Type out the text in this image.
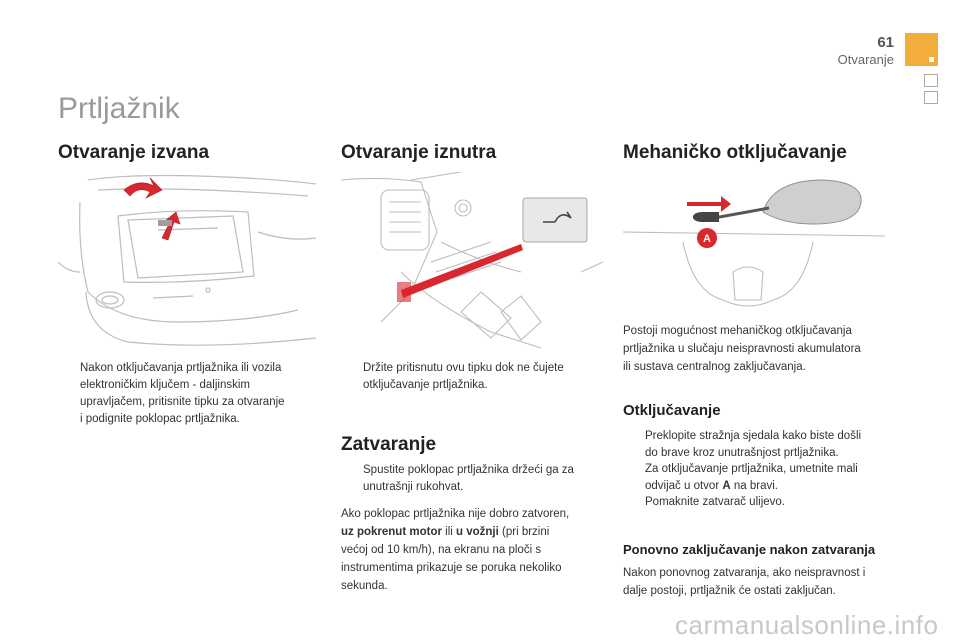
61
Otvaranje
Prtljažnik
Otvaranje izvana
Nakon otključavanja prtljažnika ili vozila
elektroničkim ključem - daljinskim
upravljačem, pritisnite tipku za otvaranje
i podignite poklopac prtljažnika.
Otvaranje iznutra
Držite pritisnutu ovu tipku dok ne čujete
otključavanje prtljažnika.
Zatvaranje
Spustite poklopac prtljažnika držeći ga za
unutrašnji rukohvat.
Ako poklopac prtljažnika nije dobro zatvoren,
uz pokrenut motor ili u vožnji (pri brzini
većoj od 10 km/h), na ekranu na ploči s
instrumentima prikazuje se poruka nekoliko
sekunda.
Mehaničko otključavanje
A
Postoji mogućnost mehaničkog otključavanja
prtljažnika u slučaju neispravnosti akumulatora
ili sustava centralnog zaključavanja.
Otključavanje
Preklopite stražnja sjedala kako biste došli
do brave kroz unutrašnjost prtljažnika.
Za otključavanje prtljažnika, umetnite mali
odvijač u otvor A na bravi.
Pomaknite zatvarač ulijevo.
Ponovno zaključavanje nakon zatvaranja
Nakon ponovnog zatvaranja, ako neispravnost i
dalje postoji, prtljažnik će ostati zaključan.
carmanualsonline.info
